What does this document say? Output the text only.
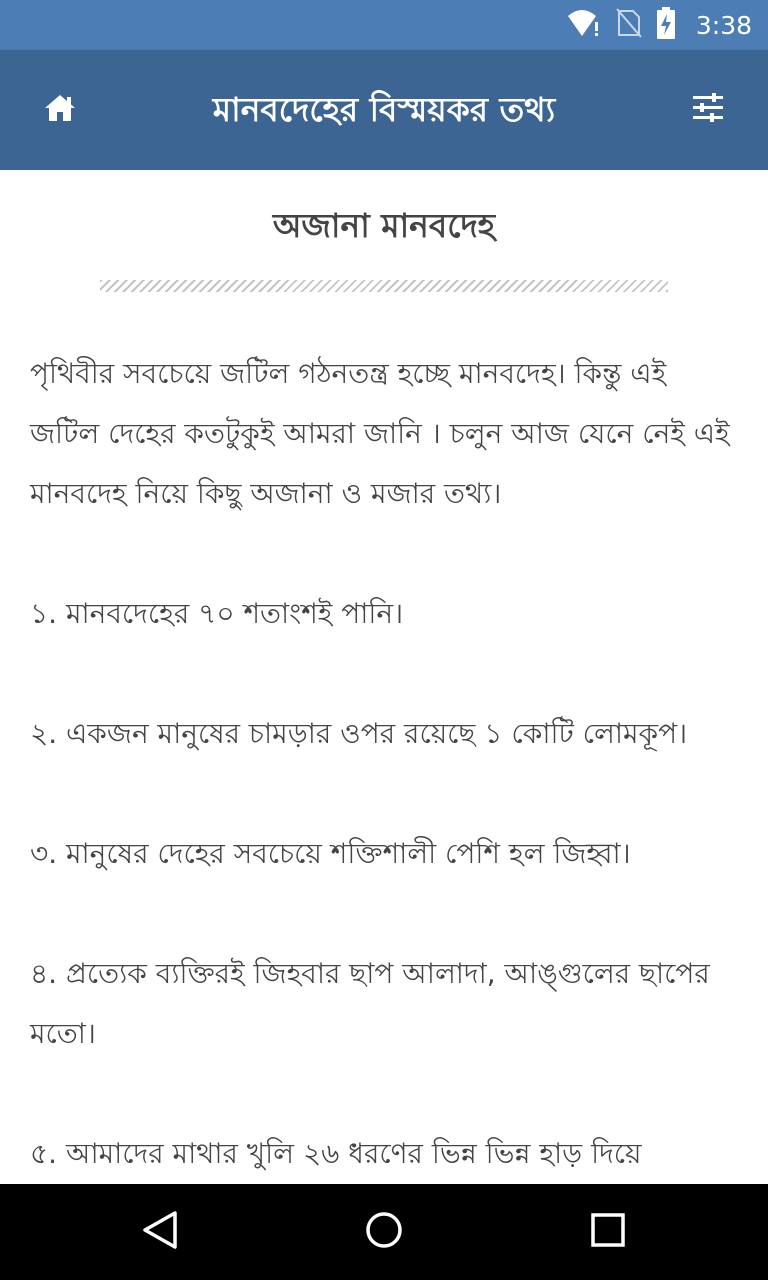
3:38
মানবদেহের বিস্ময়কর তথ্য
অজানা মানবদেহ

পৃথিবীর সবচেয়ে জটিল গঠনতন্ত্র হচ্ছে মানবদেহ। কিন্তু এই জটিল দেহের কতটুকুই আমরা জানি । চলুন আজ যেনে নেই এই মানবদেহ নিয়ে কিছু অজানা ও মজার তথ্য।

১. মানবদেহের ৭০ শতাংশই পানি।

২. একজন মানুষের চামড়ার ওপর রয়েছে ১ কোটি লোমকূপ।

৩. মানুষের দেহের সবচেয়ে শক্তিশালী পেশি হল জিহ্বা।

৪. প্রত্যেক ব্যক্তিরই জিহবার ছাপ আলাদা, আঙ্গুলের ছাপের মতো।

৫. আমাদের মাথার খুলি ২৬ ধরণের ভিন্ন ভিন্ন হাড় দিয়ে
